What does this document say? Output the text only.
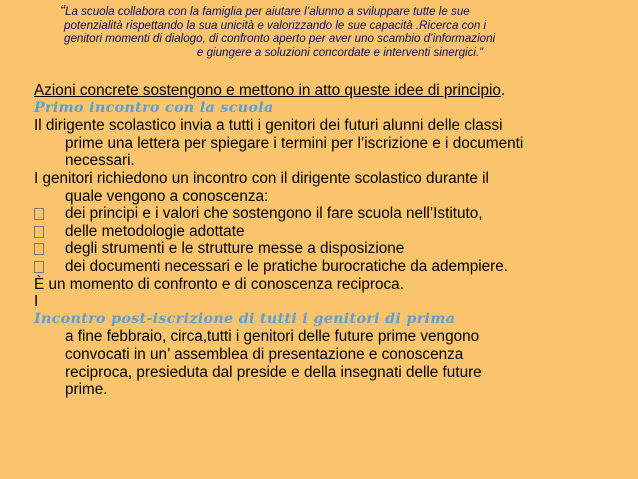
“La scuola collabora con la famiglia per aiutare l’alunno a sviluppare tutte le sue
potenzialità rispettando la sua unicità e valorizzando le sue capacità .Ricerca con i
genitori momenti di dialogo, di confronto aperto per aver uno scambio d’informazioni
e giungere a soluzioni concordate e interventi sinergici.”
Azioni concrete sostengono e mettono in atto queste idee di principio.
Primo incontro con la scuola
Il dirigente scolastico invia a tutti i genitori dei futuri alunni delle classi
prime una lettera per spiegare i termini per l’iscrizione e i documenti
necessari.
I genitori richiedono un incontro con il dirigente scolastico durante il
quale vengono a conoscenza:
dei principi e i valori che sostengono il fare scuola nell’Istituto,
delle metodologie adottate
degli strumenti e le strutture messe a disposizione
dei documenti necessari e le pratiche burocratiche da adempiere.
È un momento di confronto e di conoscenza reciproca.
I
Incontro post-iscrizione di tutti i genitori di prima
a fine febbraio, circa,tutti i genitori delle future prime vengono
convocati in un’ assemblea di presentazione e conoscenza
reciproca, presieduta dal preside e della insegnati delle future
prime.
